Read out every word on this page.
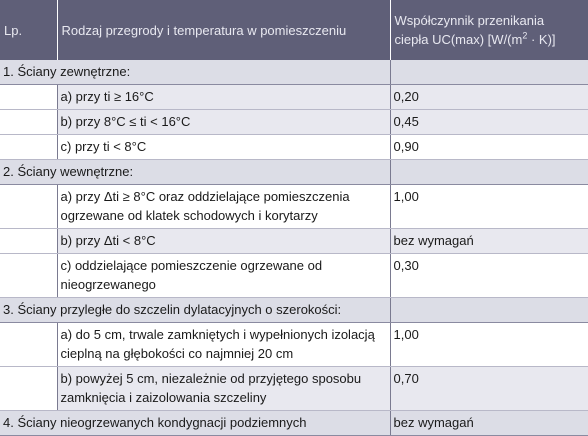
Lp.	Rodzaj przegrody i temperatura w pomieszczeniu	Współczynnik przenikania
ciepła UC(max) $[W/(m^2 \cdot K)]$
1. Ściany zewnętrzne:		
	a) przy ti ≥ 16°C	0,20
	b) przy 8°C ≤ ti < 16°C	0,45
	c) przy ti < 8°C	0,90
2. Ściany wewnętrzne:		
	a) przy Δti ≥ 8°C oraz oddzielające pomieszczenia ogrzewane od klatek schodowych i korytarzy	1,00
	b) przy Δti < 8°C	bez wymagań
	c) oddzielające pomieszczenie ogrzewane od nieogrzewanego	0,30
3. Ściany przyległe do szczelin dylatacyjnych o szerokości:		
	a) do 5 cm, trwale zamkniętych i wypełnionych izolacją cieplną na głębokości co najmniej 20 cm	1,00
	b) powyżej 5 cm, niezależnie od przyjętego sposobu zamknięcia i zaizolowania szczeliny	0,70
4. Ściany nieogrzewanych kondygnacji podziemnych		bez wymagań
